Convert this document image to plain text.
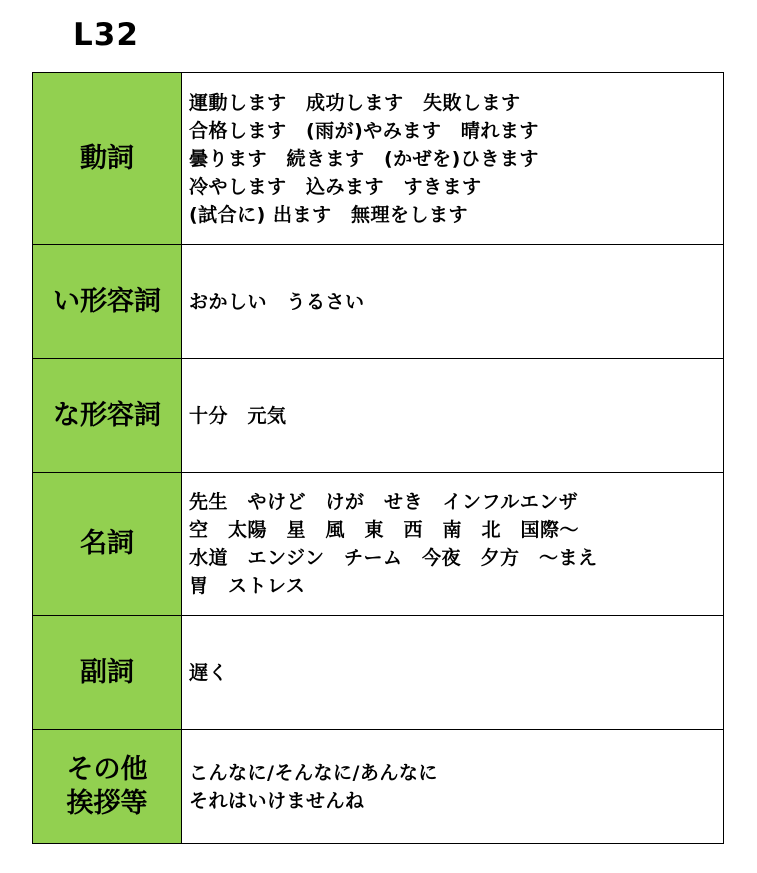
L32
動詞	運動します　成功します　失敗します
合格します　(雨が)やみます　晴れます
曇ります　続きます　(かぜを)ひきます
冷やします　込みます　すきます
(試合に) 出ます　無理をします

い形容詞	おかしい　うるさい

な形容詞	十分　元気

名詞	先生　やけど　けが　せき　インフルエンザ
空　太陽　星　風　東　西　南　北　国際～
水道　エンジン　チーム　今夜　夕方　～まえ
胃　ストレス

副詞	遅く

その他
挨拶等	こんなに/そんなに/あんなに
それはいけませんね
